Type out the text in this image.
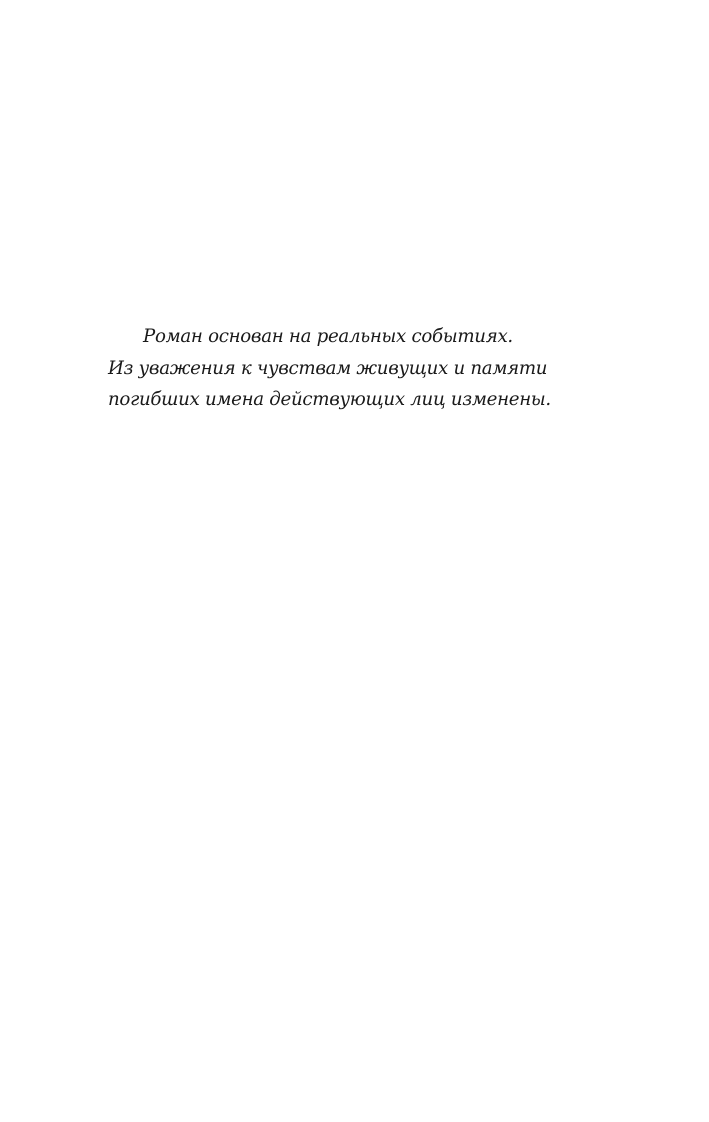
Роман основан на реальных событиях.
Из уважения к чувствам живущих и памяти
погибших имена действующих лиц изменены.
